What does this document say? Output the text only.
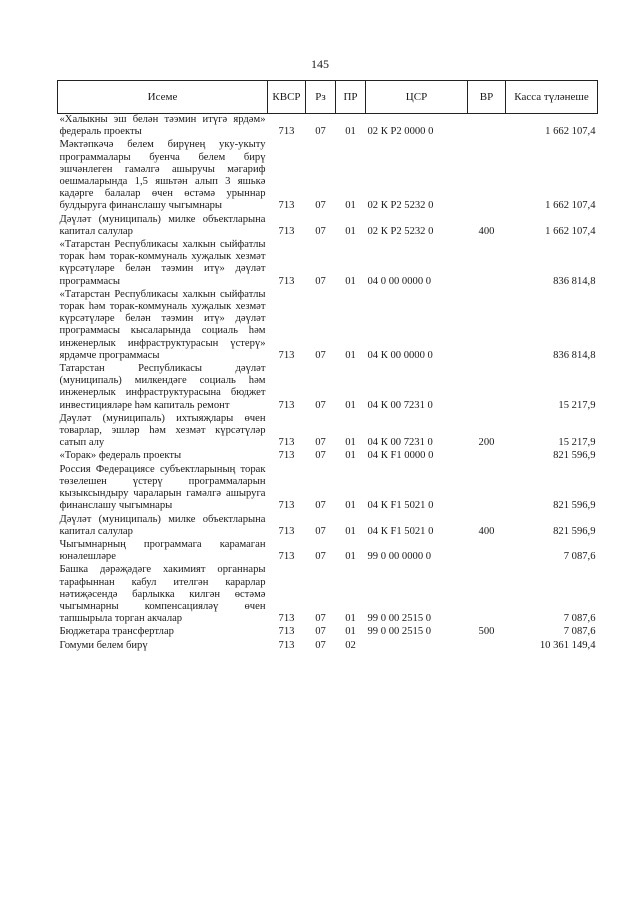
145
Исеме	КВСР	Рз	ПР	ЦСР	ВР	Касса түләнеше
«Халыкны эш белән тәэмин итүгә ярдәм» федераль проекты	713	07	01	02 К Р2 0000 0		1 662 107,4
Мәктәпкәчә белем бирүнең уку-укыту программалары буенча белем бирү эшчәнлеген гамәлгә ашыручы мәгариф оешмаларында 1,5 яшьтән алып 3 яшькә кадәрге балалар өчен өстәмә урыннар булдыруга финанслашу чыгымнары	713	07	01	02 К Р2 5232 0		1 662 107,4
Дәүләт (муниципаль) милке объектларына капитал салулар	713	07	01	02 К Р2 5232 0	400	1 662 107,4
«Татарстан Республикасы халкын сыйфатлы торак һәм торак-коммуналь хуҗалык хезмәт күрсәтүләре белән тәэмин итү» дәүләт программасы	713	07	01	04 0 00 0000 0		836 814,8
«Татарстан Республикасы халкын сыйфатлы торак һәм торак-коммуналь хуҗалык хезмәт күрсәтүләре белән тәэмин итү» дәүләт программасы кысаларында социаль һәм инженерлык инфраструктурасын үстерү» ярдәмче программасы	713	07	01	04 К 00 0000 0		836 814,8
Татарстан Республикасы дәүләт (муниципаль) милкендәге социаль һәм инженерлык инфраструктурасына бюджет инвестицияләре һәм капиталь ремонт	713	07	01	04 К 00 7231 0		15 217,9
Дәүләт (муниципаль) ихтыяҗлары өчен товарлар, эшләр һәм хезмәт күрсәтүләр сатып алу	713	07	01	04 К 00 7231 0	200	15 217,9
«Торак» федераль проекты	713	07	01	04 К F1 0000 0		821 596,9
Россия Федерациясе субъектларының торак төзелешен үстерү программаларын кызыксындыру чараларын гамәлгә ашыруга финанслашу чыгымнары	713	07	01	04 К F1 5021 0		821 596,9
Дәүләт (муниципаль) милке объектларына капитал салулар	713	07	01	04 К F1 5021 0	400	821 596,9
Чыгымнарның программага карамаган юнәлешләре	713	07	01	99 0 00 0000 0		7 087,6
Башка дәрәҗәдәге хакимият органнары тарафыннан кабул ителгән карарлар нәтиҗәсендә барлыкка килгән өстәмә чыгымнарны компенсацияләү өчен тапшырыла торган акчалар	713	07	01	99 0 00 2515 0		7 087,6
Бюджетара трансфертлар	713	07	01	99 0 00 2515 0	500	7 087,6
Гомуми белем бирү	713	07	02			10 361 149,4
